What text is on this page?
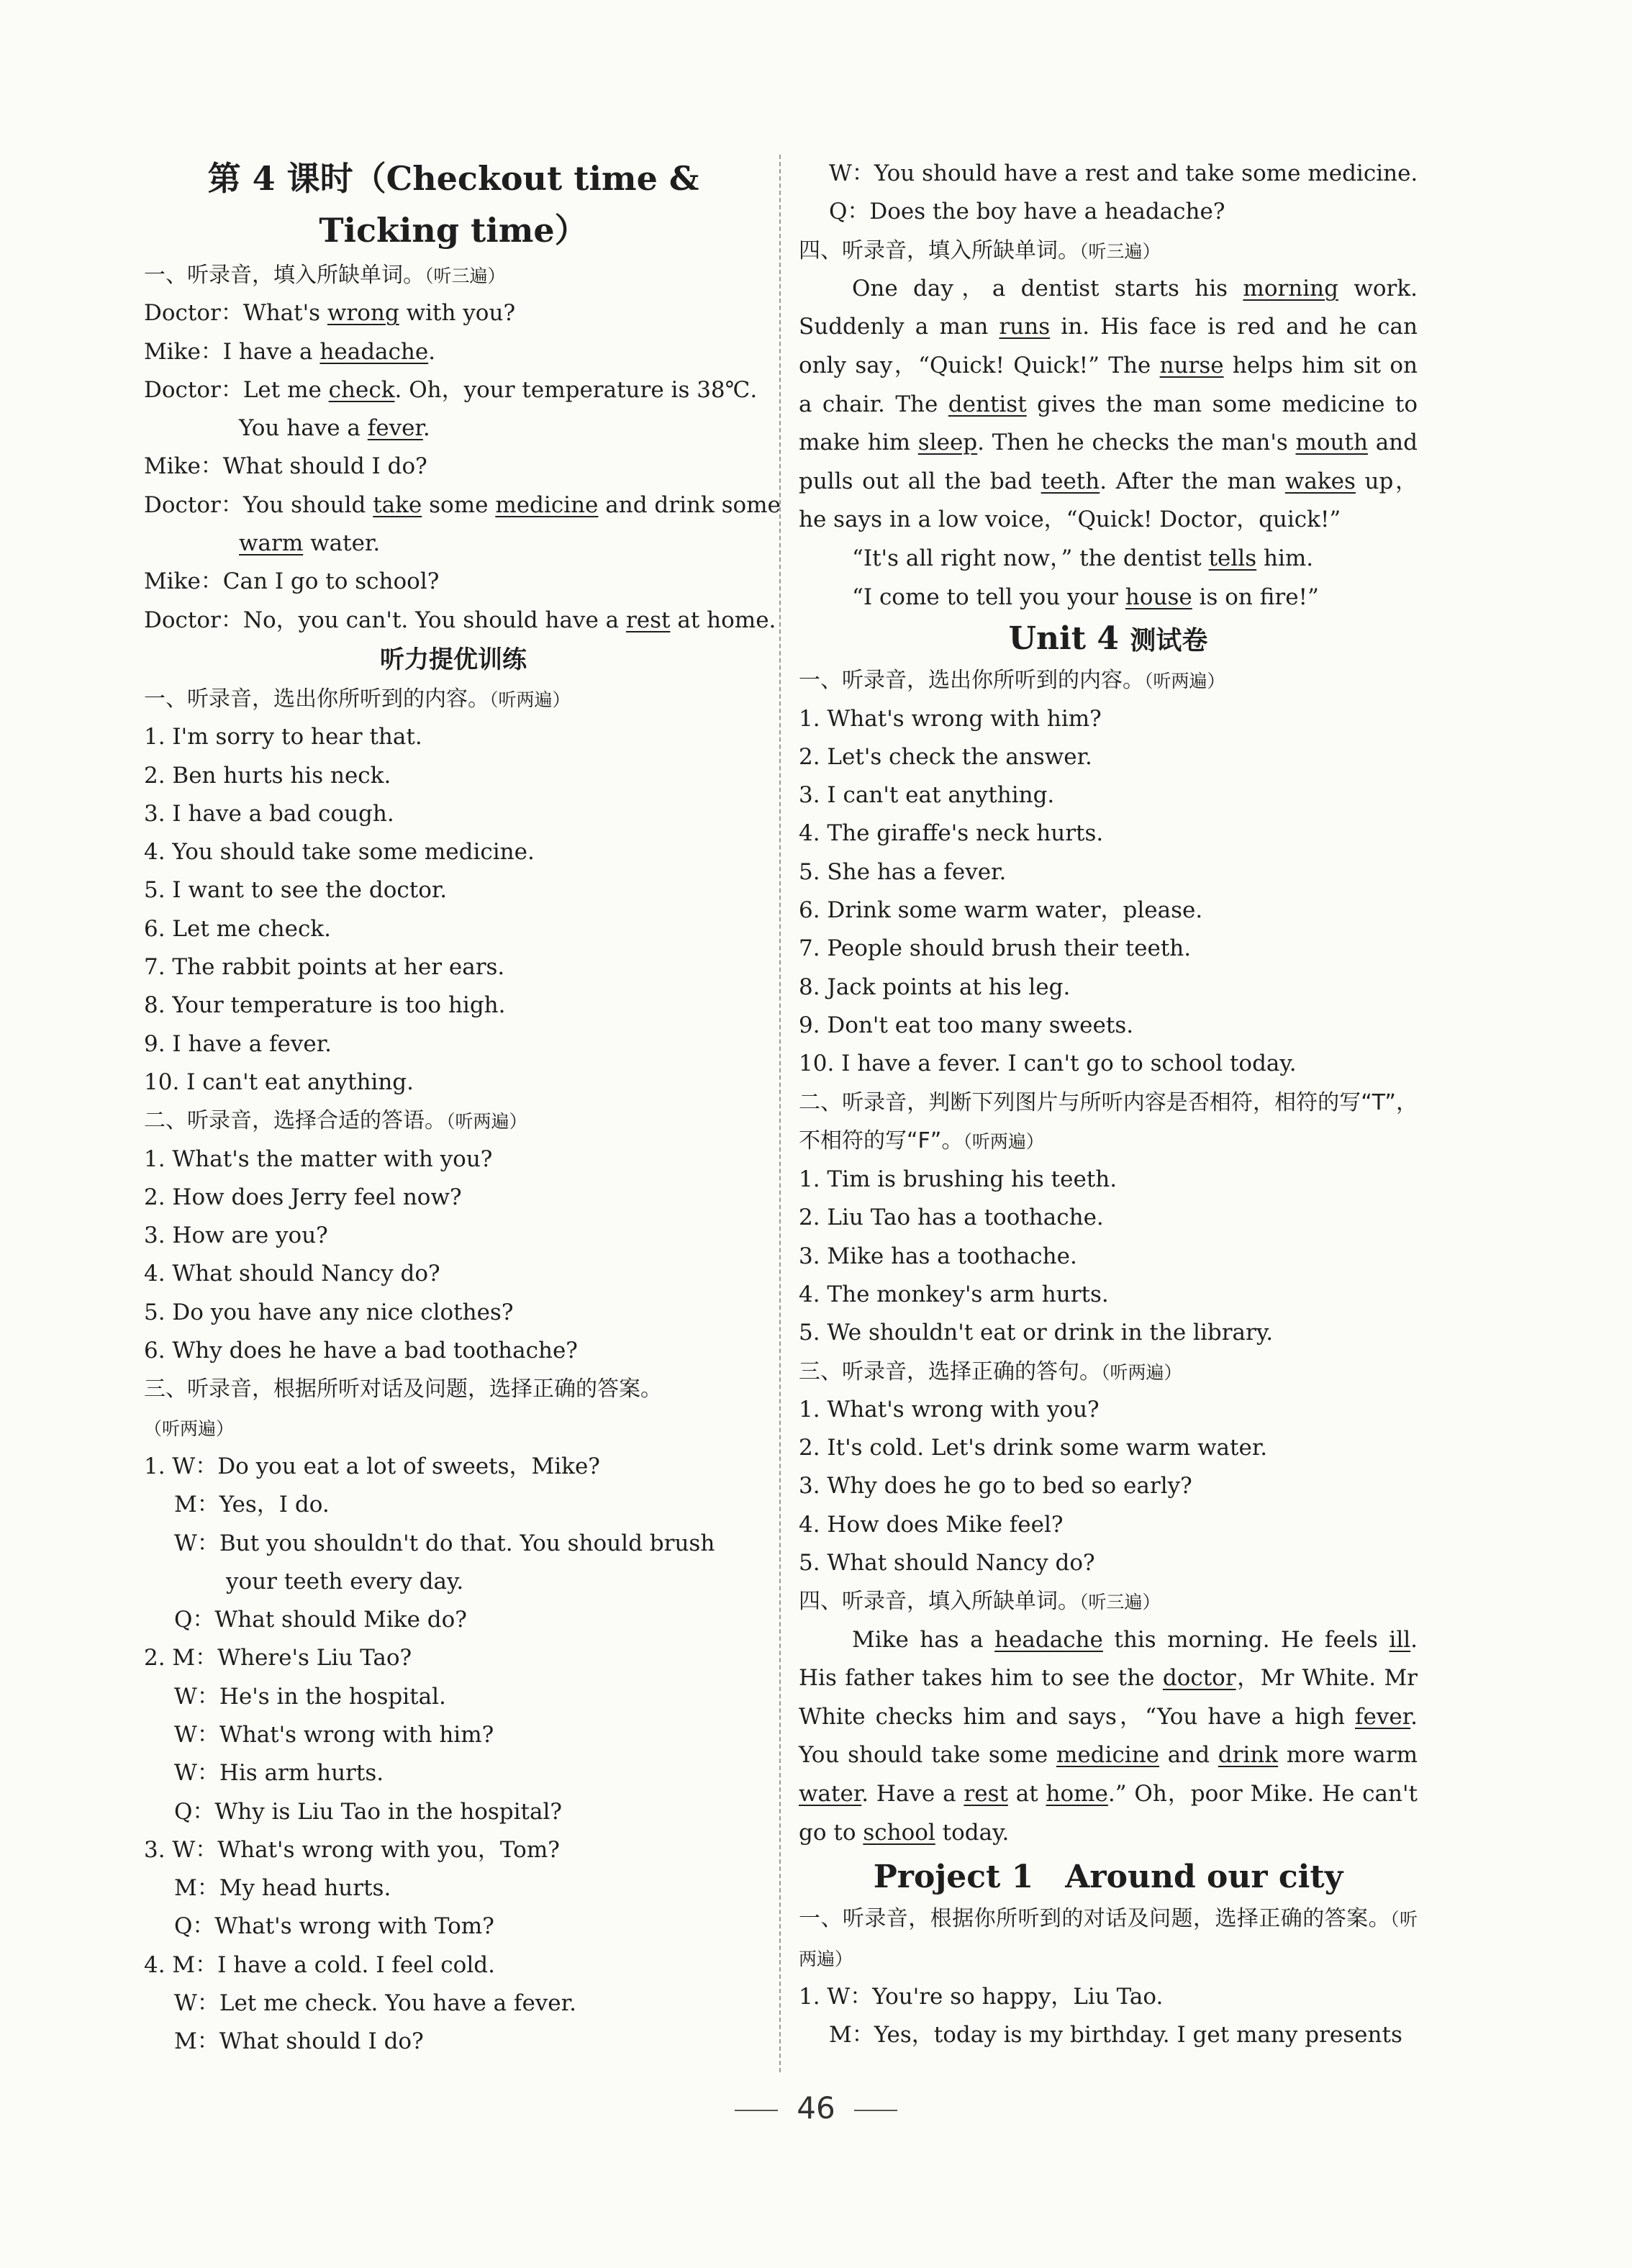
第 4 课时（Checkout time &
Ticking time）
一、听录音，填入所缺单词。（听三遍）
Doctor：What's wrong with you?
Mike：I have a headache.
Doctor：Let me check. Oh，your temperature is 38℃.
You have a fever.
Mike：What should I do?
Doctor：You should take some medicine and drink some
warm water.
Mike：Can I go to school?
Doctor：No，you can't. You should have a rest at home.
听力提优训练
一、听录音，选出你所听到的内容。（听两遍）
1. I'm sorry to hear that.
2. Ben hurts his neck.
3. I have a bad cough.
4. You should take some medicine.
5. I want to see the doctor.
6. Let me check.
7. The rabbit points at her ears.
8. Your temperature is too high.
9. I have a fever.
10. I can't eat anything.
二、听录音，选择合适的答语。（听两遍）
1. What's the matter with you?
2. How does Jerry feel now?
3. How are you?
4. What should Nancy do?
5. Do you have any nice clothes?
6. Why does he have a bad toothache?
三、听录音，根据所听对话及问题，选择正确的答案。
（听两遍）
1. W：Do you eat a lot of sweets，Mike?
M：Yes，I do.
W：But you shouldn't do that. You should brush
your teeth every day.
Q：What should Mike do?
2. M：Where's Liu Tao?
W：He's in the hospital.
W：What's wrong with him?
W：His arm hurts.
Q：Why is Liu Tao in the hospital?
3. W：What's wrong with you，Tom?
M：My head hurts.
Q：What's wrong with Tom?
4. M：I have a cold. I feel cold.
W：Let me check. You have a fever.
M：What should I do?
W：You should have a rest and take some medicine.
Q：Does the boy have a headache?
四、听录音，填入所缺单词。（听三遍）
One day，a dentist starts his morning work. Suddenly a man runs in. His face is red and he can only say，“Quick! Quick!” The nurse helps him sit on a chair. The dentist gives the man some medicine to make him sleep. Then he checks the man's mouth and pulls out all the bad teeth. After the man wakes up，he says in a low voice，“Quick! Doctor，quick!”
“It's all right now，” the dentist tells him.
“I come to tell you your house is on fire!”
Unit 4 测试卷
一、听录音，选出你所听到的内容。（听两遍）
1. What's wrong with him?
2. Let's check the answer.
3. I can't eat anything.
4. The giraffe's neck hurts.
5. She has a fever.
6. Drink some warm water，please.
7. People should brush their teeth.
8. Jack points at his leg.
9. Don't eat too many sweets.
10. I have a fever. I can't go to school today.
二、听录音，判断下列图片与所听内容是否相符，相符的写“T”，不相符的写“F”。（听两遍）
1. Tim is brushing his teeth.
2. Liu Tao has a toothache.
3. Mike has a toothache.
4. The monkey's arm hurts.
5. We shouldn't eat or drink in the library.
三、听录音，选择正确的答句。（听两遍）
1. What's wrong with you?
2. It's cold. Let's drink some warm water.
3. Why does he go to bed so early?
4. How does Mike feel?
5. What should Nancy do?
四、听录音，填入所缺单词。（听三遍）
Mike has a headache this morning. He feels ill. His father takes him to see the doctor，Mr White. Mr White checks him and says，“You have a high fever. You should take some medicine and drink more warm water. Have a rest at home.” Oh，poor Mike. He can't go to school today.
Project 1　Around our city
一、听录音，根据你所听到的对话及问题，选择正确的答案。（听两遍）
1. W：You're so happy，Liu Tao.
M：Yes，today is my birthday. I get many presents
46
